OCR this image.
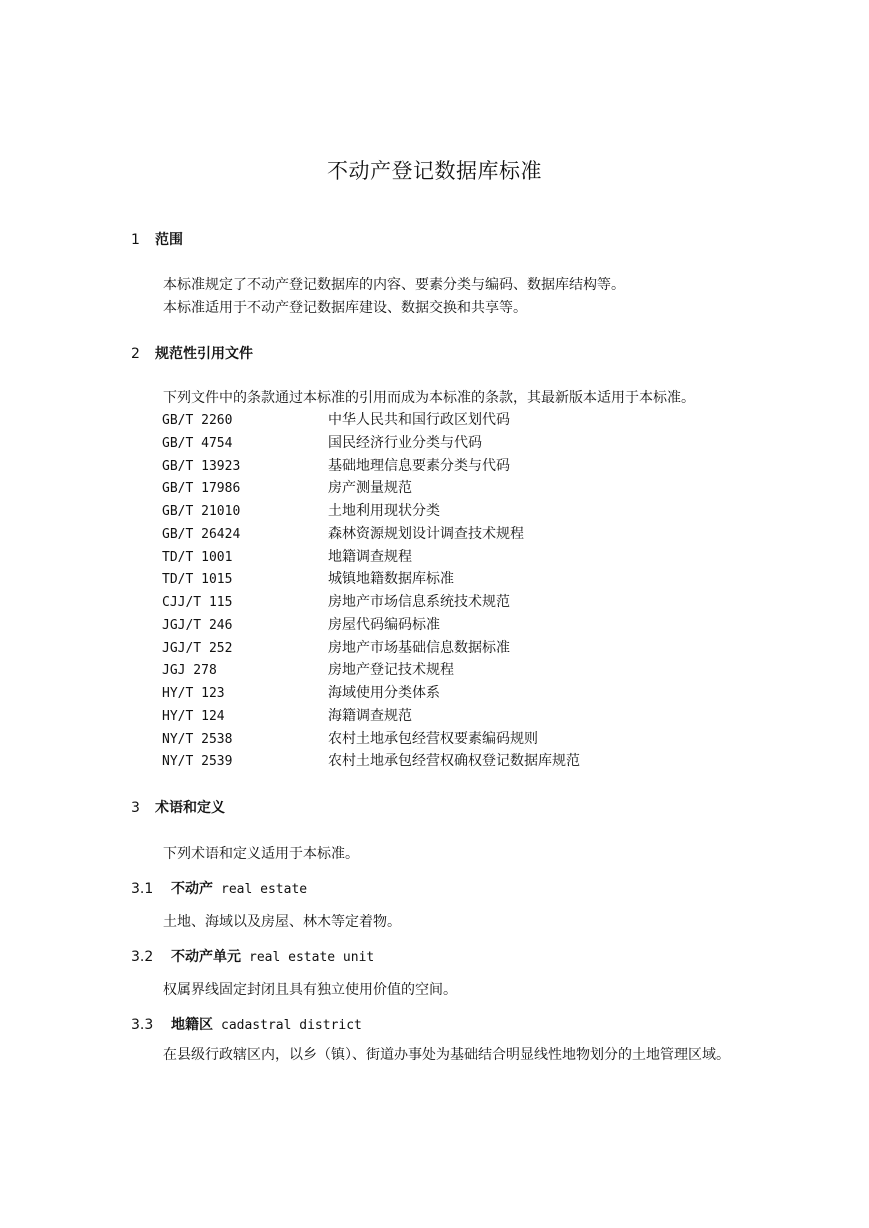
不动产登记数据库标准
1 范围
本标准规定了不动产登记数据库的内容、要素分类与编码、数据库结构等。
本标准适用于不动产登记数据库建设、数据交换和共享等。
2 规范性引用文件
下列文件中的条款通过本标准的引用而成为本标准的条款，其最新版本适用于本标准。
GB/T 2260	中华人民共和国行政区划代码
GB/T 4754	国民经济行业分类与代码
GB/T 13923	基础地理信息要素分类与代码
GB/T 17986	房产测量规范
GB/T 21010	土地利用现状分类
GB/T 26424	森林资源规划设计调查技术规程
TD/T 1001	地籍调查规程
TD/T 1015	城镇地籍数据库标准
CJJ/T 115	房地产市场信息系统技术规范
JGJ/T 246	房屋代码编码标准
JGJ/T 252	房地产市场基础信息数据标准
JGJ 278	房地产登记技术规程
HY/T 123	海域使用分类体系
HY/T 124	海籍调查规范
NY/T 2538	农村土地承包经营权要素编码规则
NY/T 2539	农村土地承包经营权确权登记数据库规范
3 术语和定义
下列术语和定义适用于本标准。
3.1 不动产 real estate
土地、海域以及房屋、林木等定着物。
3.2 不动产单元 real estate unit
权属界线固定封闭且具有独立使用价值的空间。
3.3 地籍区 cadastral district
在县级行政辖区内，以乡（镇）、街道办事处为基础结合明显线性地物划分的土地管理区域。
